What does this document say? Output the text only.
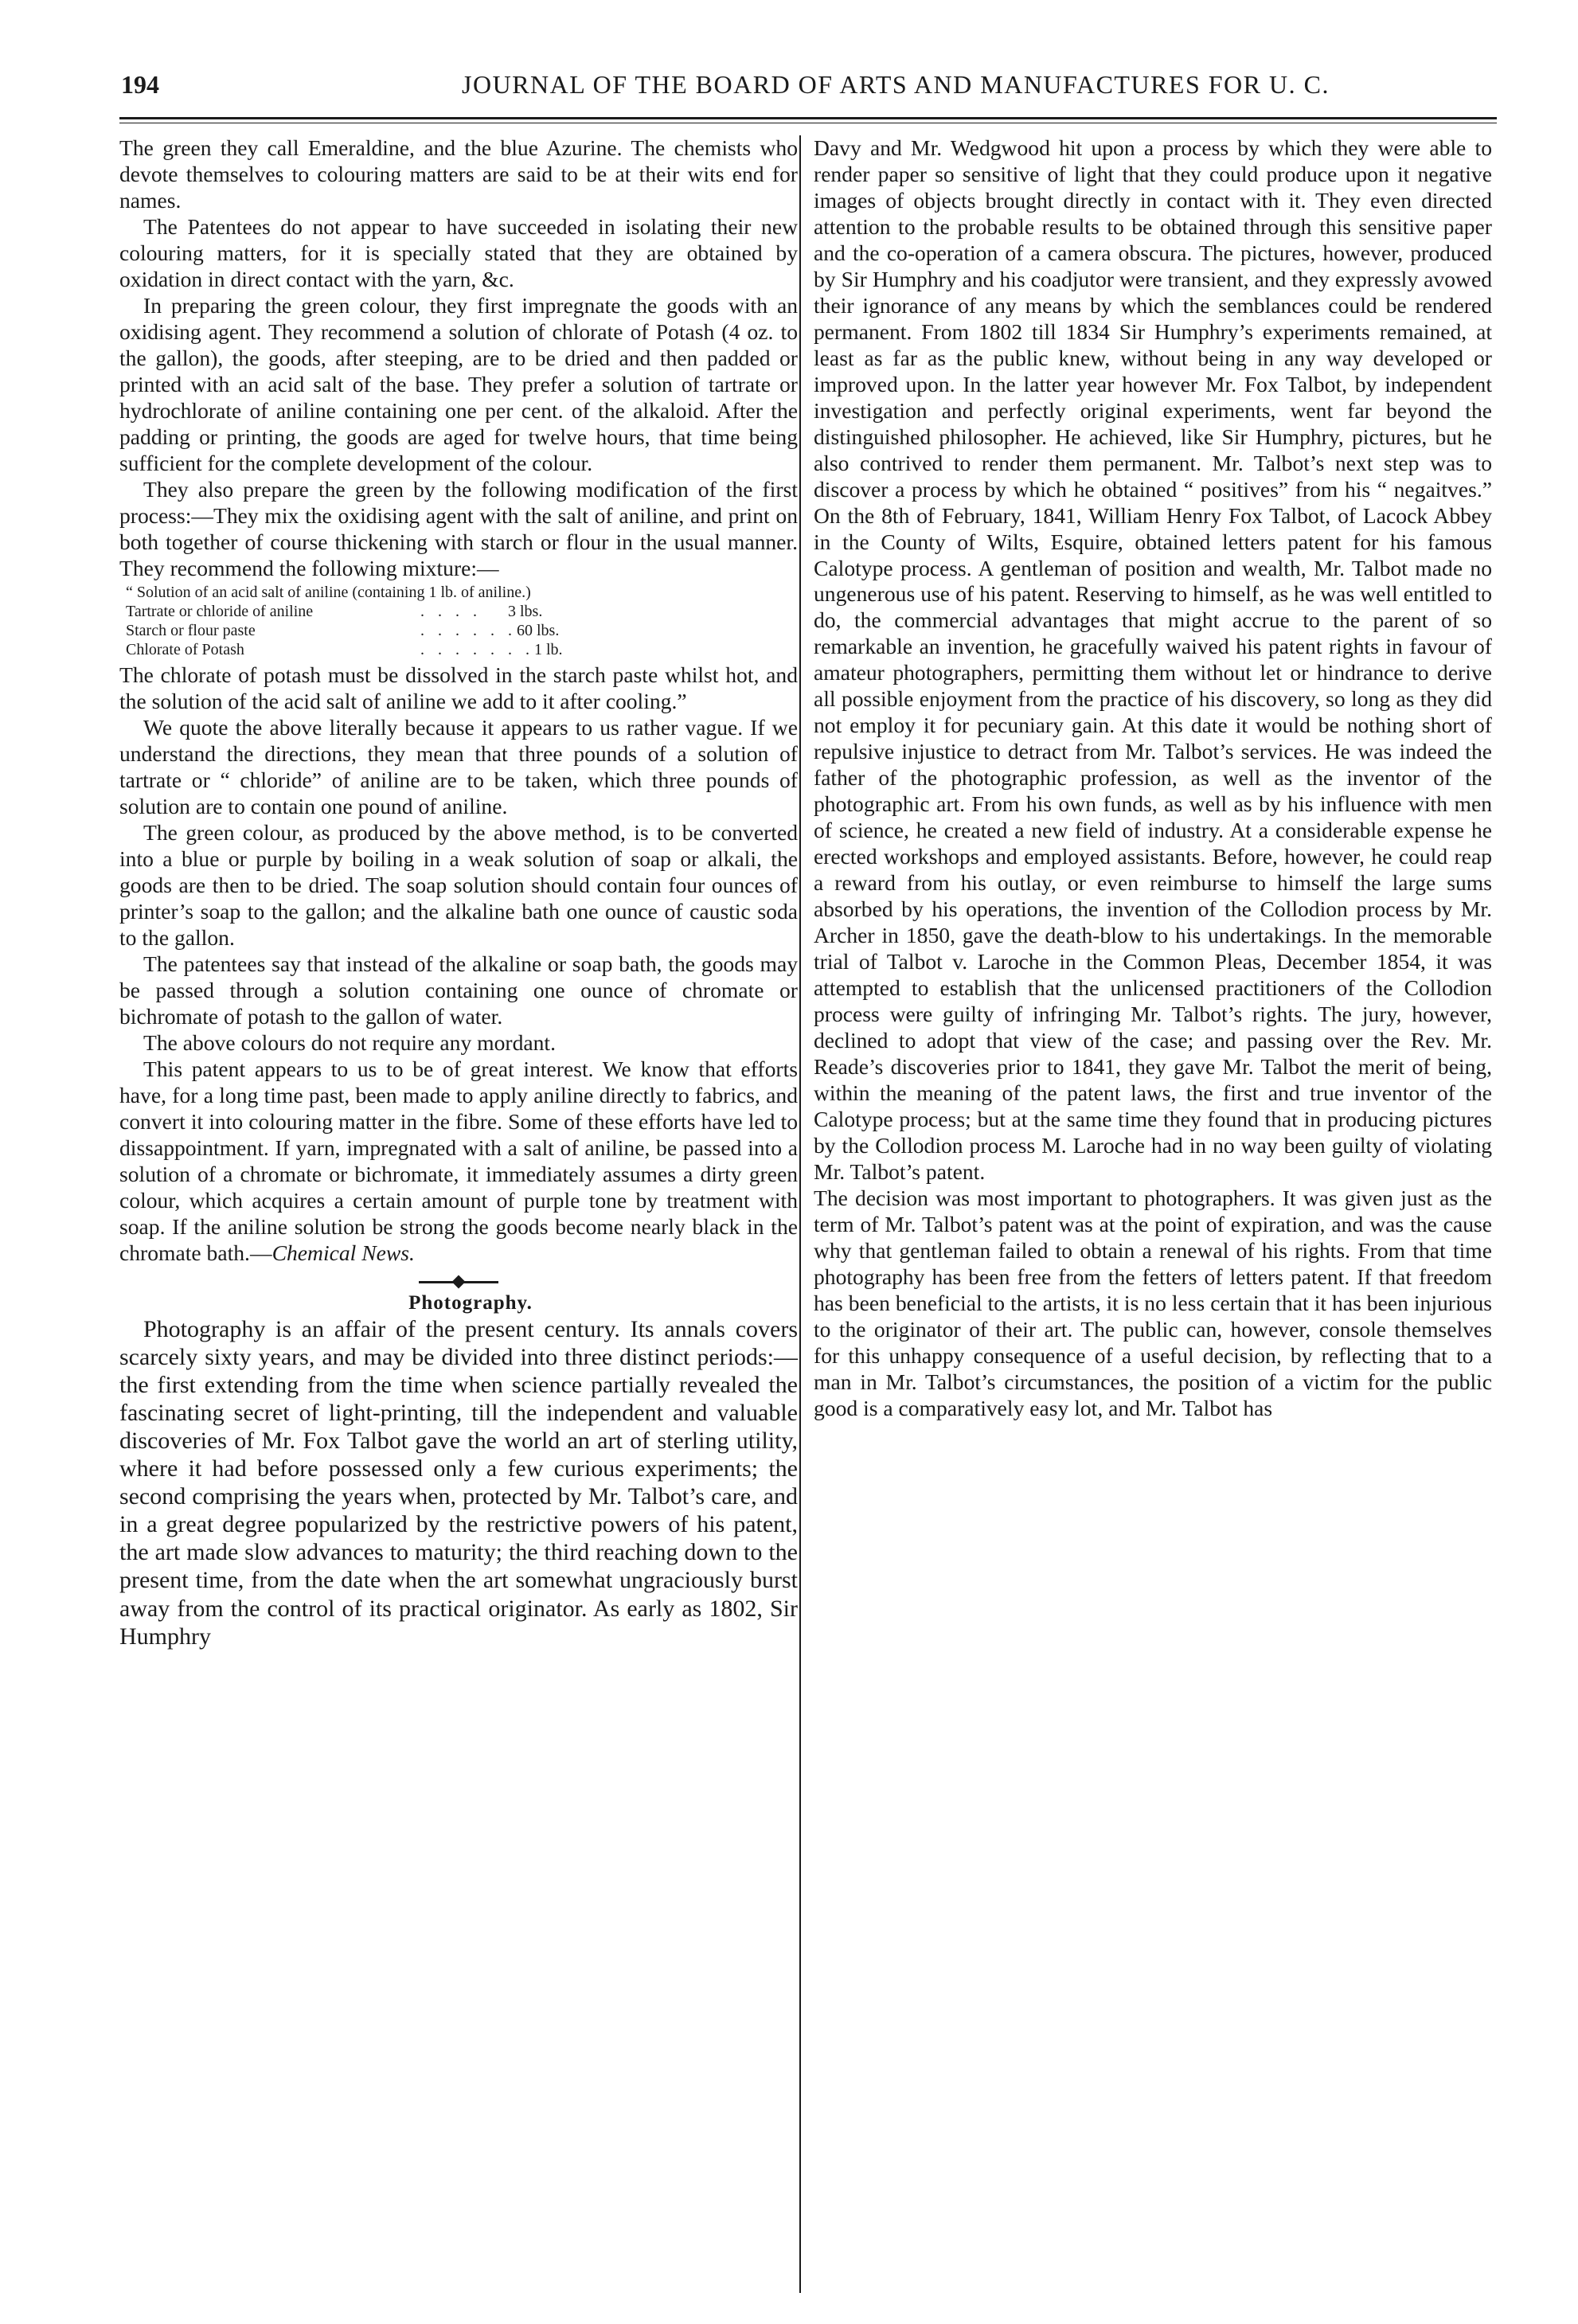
194	JOURNAL OF THE BOARD OF ARTS AND MANUFACTURES FOR U. C.

The green they call Emeraldine, and the blue Azurine. The chemists who devote themselves to colouring matters are said to be at their wits end for names.

The Patentees do not appear to have succeeded in isolating their new colouring matters, for it is specially stated that they are obtained by oxidation in direct contact with the yarn, &c.

In preparing the green colour, they first impregnate the goods with an oxidising agent. They recommend a solution of chlorate of Potash (4 oz. to the gallon), the goods, after steeping, are to be dried and then padded or printed with an acid salt of the base. They prefer a solution of tartrate or hydrochlorate of aniline containing one per cent. of the alkaloid. After the padding or printing, the goods are aged for twelve hours, that time being sufficient for the complete development of the colour.

They also prepare the green by the following modification of the first process:—They mix the oxidising agent with the salt of aniline, and print on both together of course thickening with starch or flour in the usual manner. They recommend the following mixture:—

“ Solution of an acid salt of aniline (containing 1 lb. of aniline.)
Tartrate or chloride of aniline	. . . .	3 lbs.
Starch or flour paste	. . . . . . 60 lbs.
Chlorate of Potash	. . . . . . . 1 lb.

The chlorate of potash must be dissolved in the starch paste whilst hot, and the solution of the acid salt of aniline we add to it after cooling.”

We quote the above literally because it appears to us rather vague. If we understand the directions, they mean that three pounds of a solution of tartrate or “ chloride” of aniline are to be taken, which three pounds of solution are to contain one pound of aniline.

The green colour, as produced by the above method, is to be converted into a blue or purple by boiling in a weak solution of soap or alkali, the goods are then to be dried. The soap solution should contain four ounces of printer’s soap to the gallon; and the alkaline bath one ounce of caustic soda to the gallon.

The patentees say that instead of the alkaline or soap bath, the goods may be passed through a solution containing one ounce of chromate or bichromate of potash to the gallon of water.

The above colours do not require any mordant.

This patent appears to us to be of great interest. We know that efforts have, for a long time past, been made to apply aniline directly to fabrics, and convert it into colouring matter in the fibre. Some of these efforts have led to dissappointment. If yarn, impregnated with a salt of aniline, be passed into a solution of a chromate or bichromate, it immediately assumes a dirty green colour, which acquires a certain amount of purple tone by treatment with soap. If the aniline solution be strong the goods become nearly black in the chromate bath.—Chemical News.

Photography.

Photography is an affair of the present century. Its annals covers scarcely sixty years, and may be divided into three distinct periods:—the first extending from the time when science partially revealed the fascinating secret of light-printing, till the independent and valuable discoveries of Mr. Fox Talbot gave the world an art of sterling utility, where it had before possessed only a few curious experiments; the second comprising the years when, protected by Mr. Talbot’s care, and in a great degree popularized by the restrictive powers of his patent, the art made slow advances to maturity; the third reaching down to the present time, from the date when the art somewhat ungraciously burst away from the control of its practical originator. As early as 1802, Sir Humphry

Davy and Mr. Wedgwood hit upon a process by which they were able to render paper so sensitive of light that they could produce upon it negative images of objects brought directly in contact with it. They even directed attention to the probable results to be obtained through this sensitive paper and the co-operation of a camera obscura. The pictures, however, produced by Sir Humphry and his coadjutor were transient, and they expressly avowed their ignorance of any means by which the semblances could be rendered permanent. From 1802 till 1834 Sir Humphry’s experiments remained, at least as far as the public knew, without being in any way developed or improved upon. In the latter year however Mr. Fox Talbot, by independent investigation and perfectly original experiments, went far beyond the distinguished philosopher. He achieved, like Sir Humphry, pictures, but he also contrived to render them permanent. Mr. Talbot’s next step was to discover a process by which he obtained “ positives” from his “ negaitves.” On the 8th of February, 1841, William Henry Fox Talbot, of Lacock Abbey in the County of Wilts, Esquire, obtained letters patent for his famous Calotype process. A gentleman of position and wealth, Mr. Talbot made no ungenerous use of his patent. Reserving to himself, as he was well entitled to do, the commercial advantages that might accrue to the parent of so remarkable an invention, he gracefully waived his patent rights in favour of amateur photographers, permitting them without let or hindrance to derive all possible enjoyment from the practice of his discovery, so long as they did not employ it for pecuniary gain. At this date it would be nothing short of repulsive injustice to detract from Mr. Talbot’s services. He was indeed the father of the photographic profession, as well as the inventor of the photographic art. From his own funds, as well as by his influence with men of science, he created a new field of industry. At a considerable expense he erected workshops and employed assistants. Before, however, he could reap a reward from his outlay, or even reimburse to himself the large sums absorbed by his operations, the invention of the Collodion process by Mr. Archer in 1850, gave the death-blow to his undertakings. In the memorable trial of Talbot v. Laroche in the Common Pleas, December 1854, it was attempted to establish that the unlicensed practitioners of the Collodion process were guilty of infringing Mr. Talbot’s rights. The jury, however, declined to adopt that view of the case; and passing over the Rev. Mr. Reade’s discoveries prior to 1841, they gave Mr. Talbot the merit of being, within the meaning of the patent laws, the first and true inventor of the Calotype process; but at the same time they found that in producing pictures by the Collodion process M. Laroche had in no way been guilty of violating Mr. Talbot’s patent.

The decision was most important to photographers. It was given just as the term of Mr. Talbot’s patent was at the point of expiration, and was the cause why that gentleman failed to obtain a renewal of his rights. From that time photography has been free from the fetters of letters patent. If that freedom has been beneficial to the artists, it is no less certain that it has been injurious to the originator of their art. The public can, however, console themselves for this unhappy consequence of a useful decision, by reflecting that to a man in Mr. Talbot’s circumstances, the position of a victim for the public good is a comparatively easy lot, and Mr. Talbot has
